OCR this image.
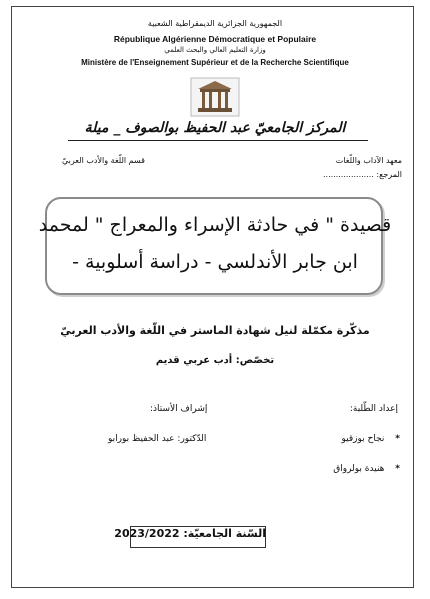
الجمهورية الجزائرية الديمقراطية الشعبية
République Algérienne Démocratique et Populaire
وزارة التعليم العالي والبحث العلمي
Ministère de l'Enseignement Supérieur et de la Recherche Scientifique
المركز الجامعيّ عبد الحفيظ بوالصوف _ ميلة
معهد الآداب واللّغات
قسم اللّغة والأدب العربيّ
المرجع: ....................
قصيدة " في حادثة الإسراء والمعراج " لمحمد
ابن جابر الأندلسي - دراسة أسلوبية -
مذكّرة مكمّلة لنيل شهادة الماستر في اللّغة والأدب العربيّ
تخصّص: أدب عربي قديم
إعداد الطّلبة:
إشراف الأستاذ:
* نجاح بوزقيو
* هنيدة بولرواق
الدّكتور: عبد الحفيظ بورابو
السّنة الجامعيّة: 2023/2022
